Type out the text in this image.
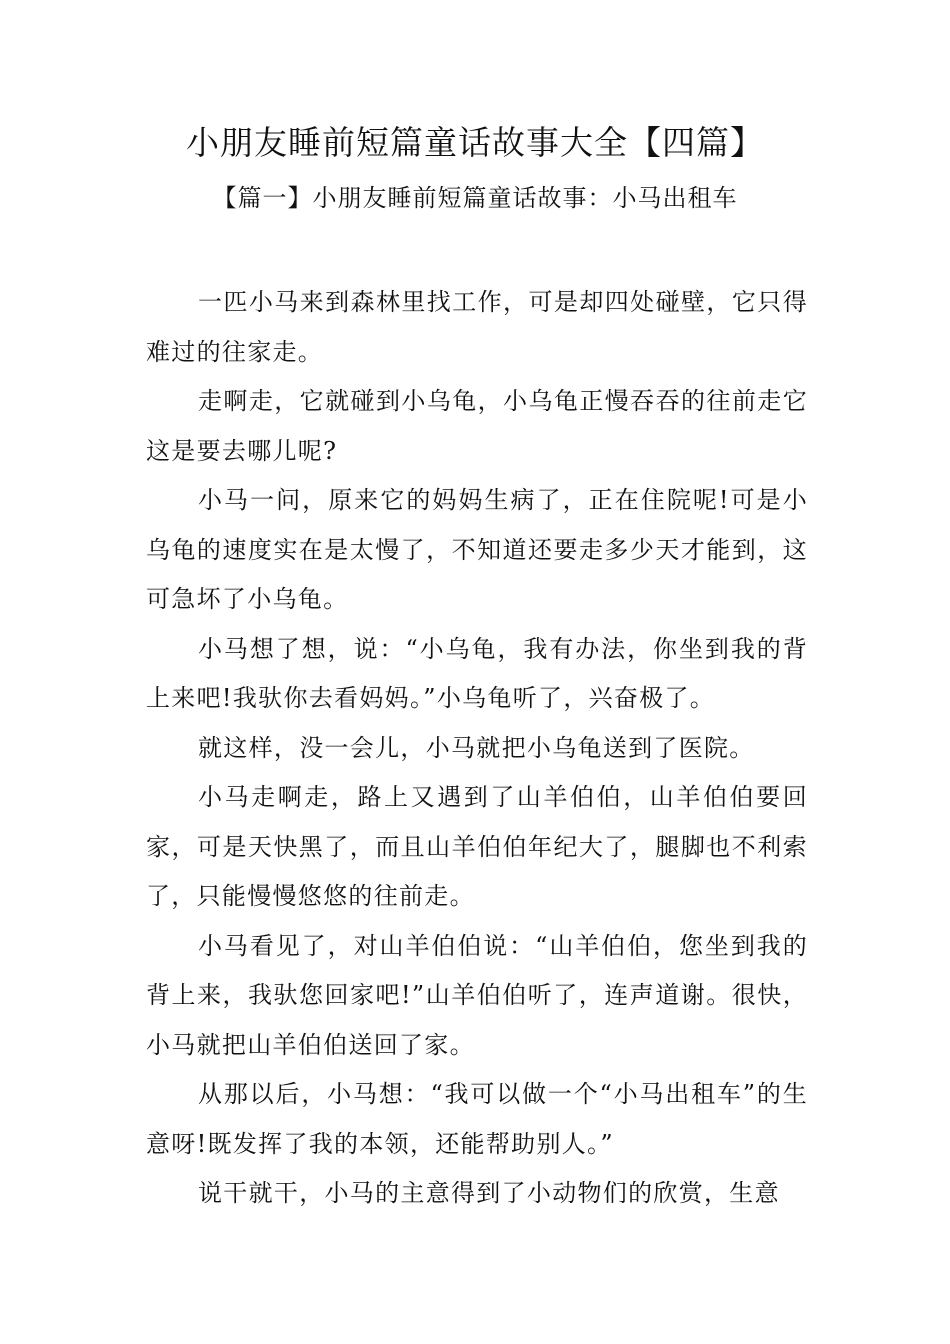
小朋友睡前短篇童话故事大全【四篇】
【篇一】小朋友睡前短篇童话故事：小马出租车

一匹小马来到森林里找工作，可是却四处碰壁，它只得难过的往家走。

走啊走，它就碰到小乌龟，小乌龟正慢吞吞的往前走它这是要去哪儿呢?

小马一问，原来它的妈妈生病了，正在住院呢!可是小乌龟的速度实在是太慢了，不知道还要走多少天才能到，这可急坏了小乌龟。

小马想了想，说：“小乌龟，我有办法，你坐到我的背上来吧!我驮你去看妈妈。”小乌龟听了，兴奋极了。

就这样，没一会儿，小马就把小乌龟送到了医院。

小马走啊走，路上又遇到了山羊伯伯，山羊伯伯要回家，可是天快黑了，而且山羊伯伯年纪大了，腿脚也不利索了，只能慢慢悠悠的往前走。

小马看见了，对山羊伯伯说：“山羊伯伯，您坐到我的背上来，我驮您回家吧!”山羊伯伯听了，连声道谢。很快，小马就把山羊伯伯送回了家。

从那以后，小马想：“我可以做一个“小马出租车”的生意呀!既发挥了我的本领，还能帮助别人。”

说干就干，小马的主意得到了小动物们的欣赏，生意
